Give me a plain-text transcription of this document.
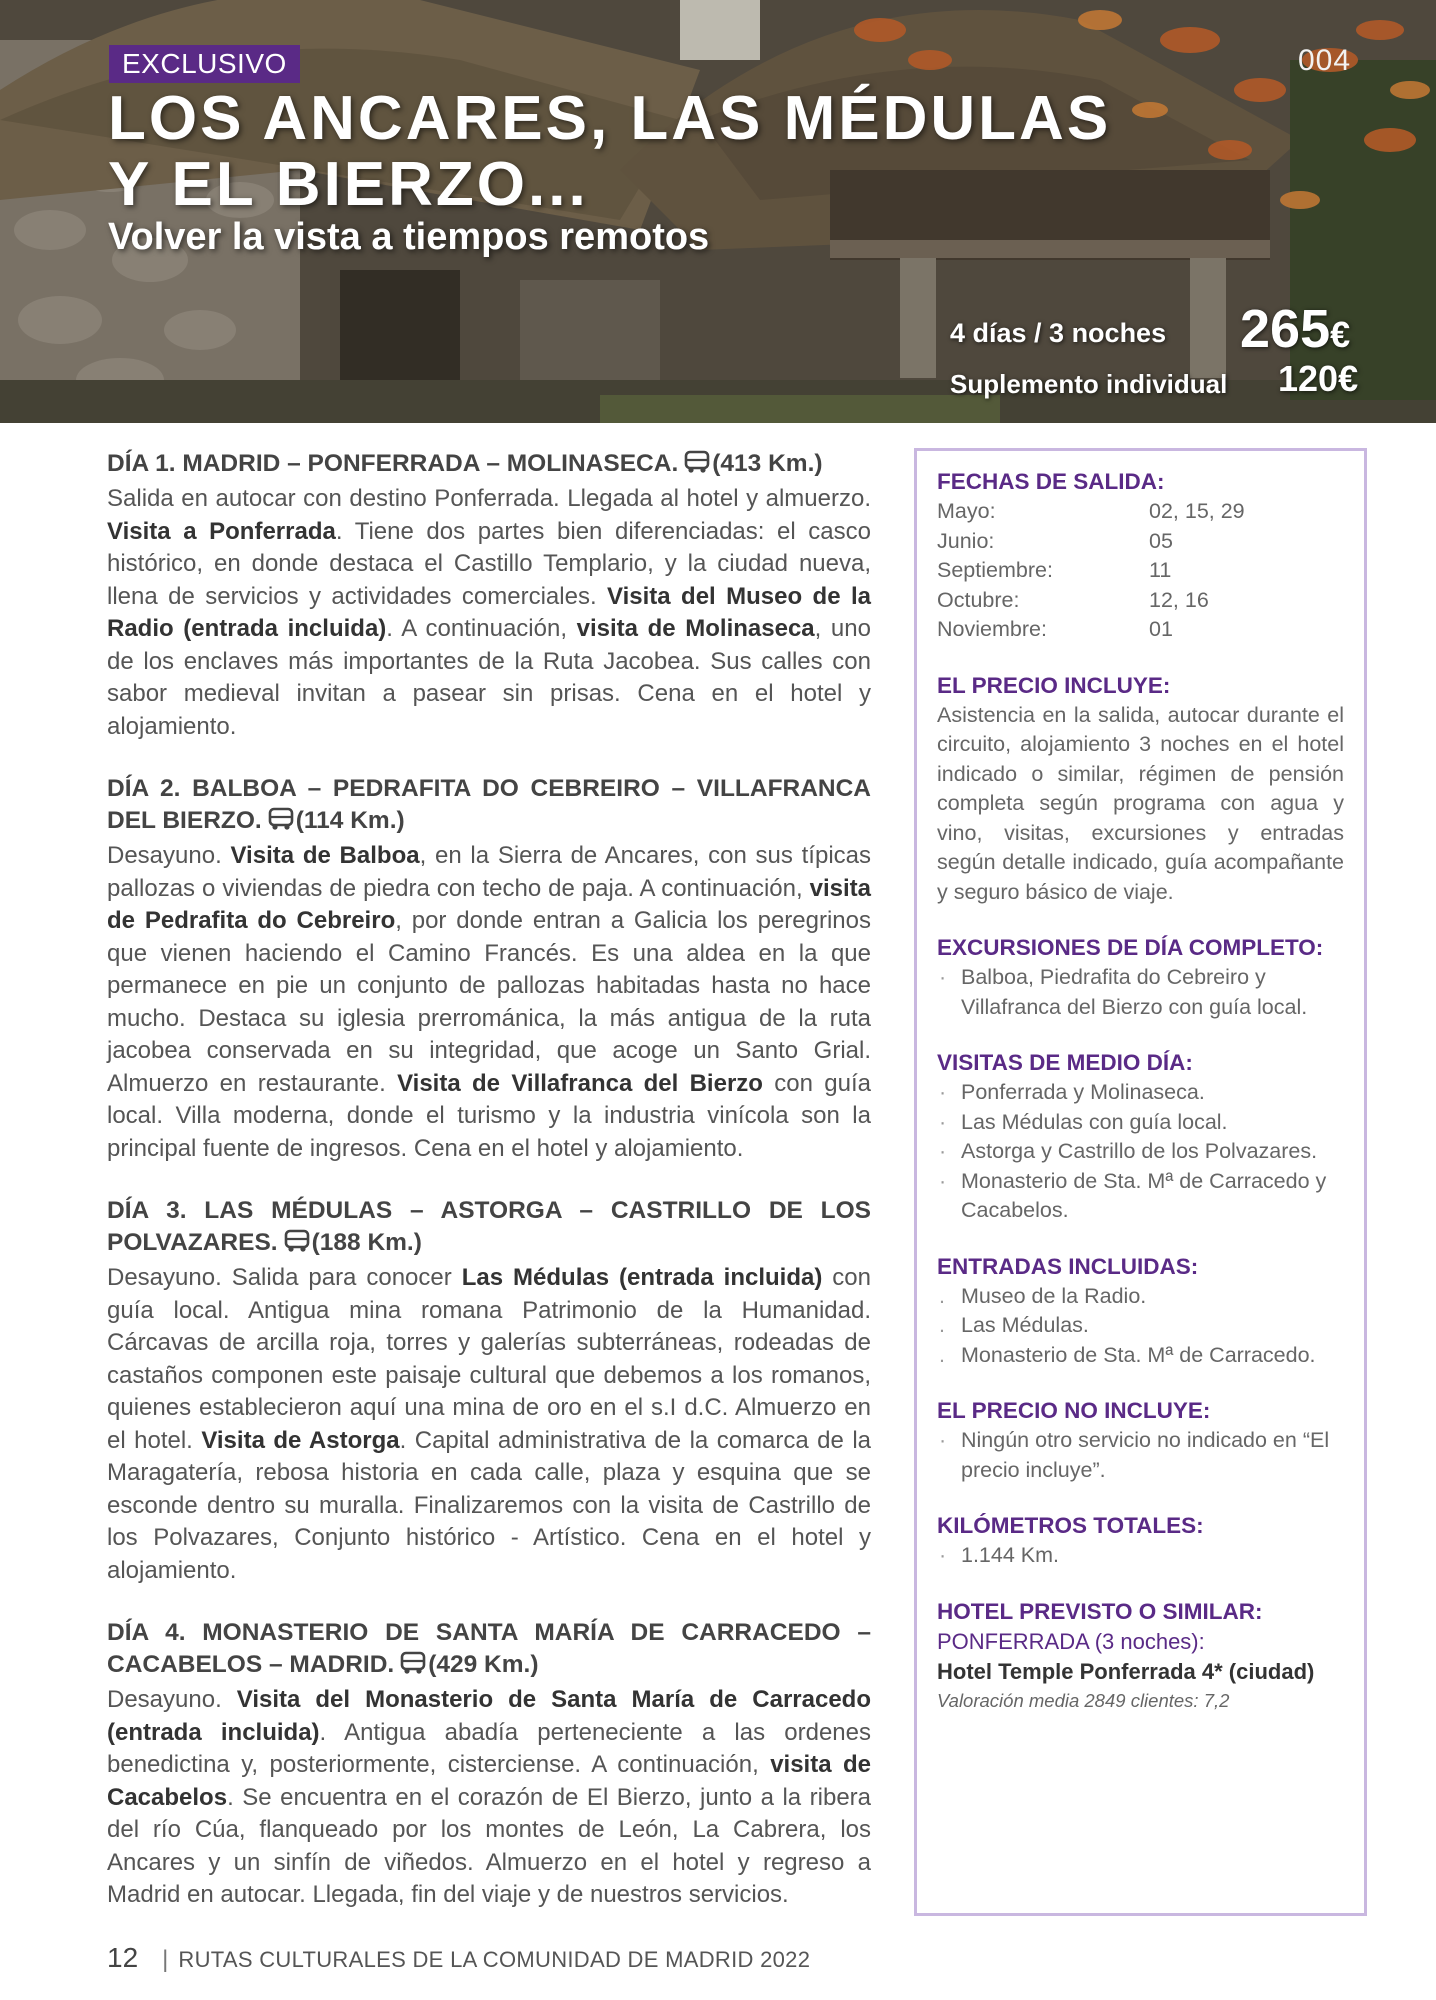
EXCLUSIVO	004
LOS ANCARES, LAS MÉDULAS Y EL BIERZO...
Volver la vista a tiempos remotos
4 días / 3 noches 265€
Suplemento individual 120€
DÍA 1. MADRID – PONFERRADA – MOLINASECA. (413 Km.)

Salida en autocar con destino Ponferrada. Llegada al hotel y almuerzo. Visita a Ponferrada. Tiene dos partes bien diferenciadas: el casco histórico, en donde destaca el Castillo Templario, y la ciudad nueva, llena de servicios y actividades comerciales. Visita del Museo de la Radio (entrada incluida). A continuación, visita de Molinaseca, uno de los enclaves más importantes de la Ruta Jacobea. Sus calles con sabor medieval invitan a pasear sin prisas. Cena en el hotel y alojamiento.

DÍA 2. BALBOA – PEDRAFITA DO CEBREIRO – VILLAFRANCA DEL BIERZO. (114 Km.)

Desayuno. Visita de Balboa, en la Sierra de Ancares, con sus típicas pallozas o viviendas de piedra con techo de paja. A continuación, visita de Pedrafita do Cebreiro, por donde entran a Galicia los peregrinos que vienen haciendo el Camino Francés. Es una aldea en la que permanece en pie un conjunto de pallozas habitadas hasta no hace mucho. Destaca su iglesia prerrománica, la más antigua de la ruta jacobea conservada en su integridad, que acoge un Santo Grial. Almuerzo en restaurante. Visita de Villafranca del Bierzo con guía local. Villa moderna, donde el turismo y la industria vinícola son la principal fuente de ingresos. Cena en el hotel y alojamiento.

DÍA 3. LAS MÉDULAS – ASTORGA – CASTRILLO DE LOS POLVAZARES. (188 Km.)

Desayuno. Salida para conocer Las Médulas (entrada incluida) con guía local. Antigua mina romana Patrimonio de la Humanidad. Cárcavas de arcilla roja, torres y galerías subterráneas, rodeadas de castaños componen este paisaje cultural que debemos a los romanos, quienes establecieron aquí una mina de oro en el s.I d.C. Almuerzo en el hotel. Visita de Astorga. Capital administrativa de la comarca de la Maragatería, rebosa historia en cada calle, plaza y esquina que se esconde dentro su muralla. Finalizaremos con la visita de Castrillo de los Polvazares, Conjunto histórico - Artístico. Cena en el hotel y alojamiento.

DÍA 4. MONASTERIO DE SANTA MARÍA DE CARRACEDO – CACABELOS – MADRID. (429 Km.)

Desayuno. Visita del Monasterio de Santa María de Carracedo (entrada incluida). Antigua abadía perteneciente a las ordenes benedictina y, posteriormente, cisterciense. A continuación, visita de Cacabelos. Se encuentra en el corazón de El Bierzo, junto a la ribera del río Cúa, flanqueado por los montes de León, La Cabrera, los Ancares y un sinfín de viñedos. Almuerzo en el hotel y regreso a Madrid en autocar. Llegada, fin del viaje y de nuestros servicios.

FECHAS DE SALIDA:
Mayo:	02, 15, 29
Junio:	05
Septiembre:	11
Octubre:	12, 16
Noviembre:	01
EL PRECIO INCLUYE:

Asistencia en la salida, autocar durante el circuito, alojamiento 3 noches en el hotel indicado o similar, régimen de pensión completa según programa con agua y vino, visitas, excursiones y entradas según detalle indicado, guía acompañante y seguro básico de viaje.

EXCURSIONES DE DÍA COMPLETO:
· Balboa, Piedrafita do Cebreiro y Villafranca del Bierzo con guía local.
VISITAS DE MEDIO DÍA:
· Ponferrada y Molinaseca.
· Las Médulas con guía local.
· Astorga y Castrillo de los Polvazares.
· Monasterio de Sta. Mª de Carracedo y Cacabelos.
ENTRADAS INCLUIDAS:
. Museo de la Radio.
. Las Médulas.
. Monasterio de Sta. Mª de Carracedo.
EL PRECIO NO INCLUYE:
· Ningún otro servicio no indicado en “El precio incluye”.
KILÓMETROS TOTALES:
· 1.144 Km.
HOTEL PREVISTO O SIMILAR:
PONFERRADA (3 noches):
Hotel Temple Ponferrada 4* (ciudad)
Valoración media 2849 clientes: 7,2
12 | RUTAS CULTURALES DE LA COMUNIDAD DE MADRID 2022
